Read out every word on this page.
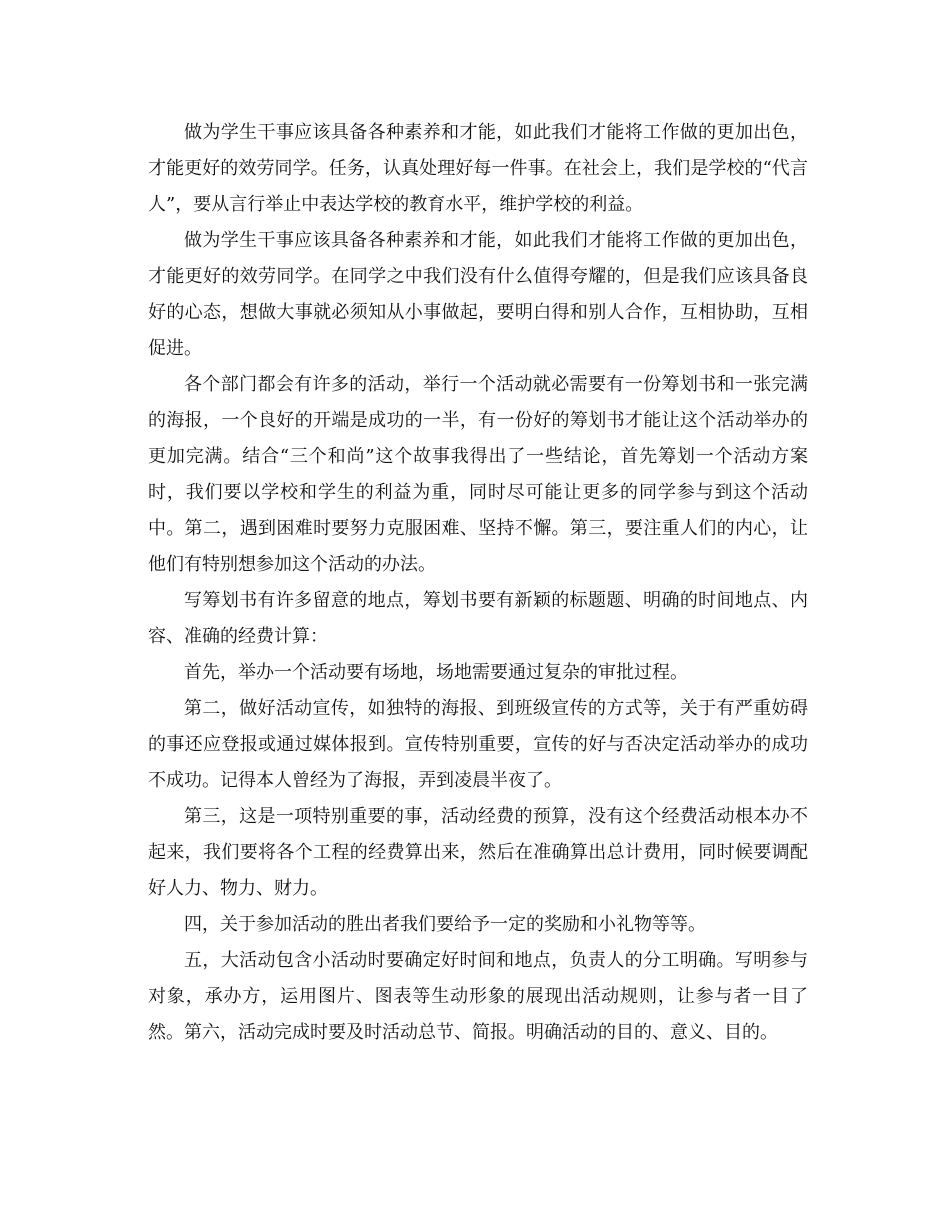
做为学生干事应该具备各种素养和才能，如此我们才能将工作做的更加出色，才能更好的效劳同学。任务，认真处理好每一件事。在社会上，我们是学校的“代言人”，要从言行举止中表达学校的教育水平，维护学校的利益。

做为学生干事应该具备各种素养和才能，如此我们才能将工作做的更加出色，才能更好的效劳同学。在同学之中我们没有什么值得夸耀的，但是我们应该具备良好的心态，想做大事就必须知从小事做起，要明白得和别人合作，互相协助，互相促进。

各个部门都会有许多的活动，举行一个活动就必需要有一份筹划书和一张完满的海报，一个良好的开端是成功的一半，有一份好的筹划书才能让这个活动举办的更加完满。结合“三个和尚”这个故事我得出了一些结论，首先筹划一个活动方案时，我们要以学校和学生的利益为重，同时尽可能让更多的同学参与到这个活动中。第二，遇到困难时要努力克服困难、坚持不懈。第三，要注重人们的内心，让他们有特别想参加这个活动的办法。

写筹划书有许多留意的地点，筹划书要有新颖的标题题、明确的时间地点、内容、准确的经费计算：

首先，举办一个活动要有场地，场地需要通过复杂的审批过程。

第二，做好活动宣传，如独特的海报、到班级宣传的方式等，关于有严重妨碍的事还应登报或通过媒体报到。宣传特别重要，宣传的好与否决定活动举办的成功不成功。记得本人曾经为了海报，弄到凌晨半夜了。

第三，这是一项特别重要的事，活动经费的预算，没有这个经费活动根本办不起来，我们要将各个工程的经费算出来，然后在准确算出总计费用，同时候要调配好人力、物力、财力。

四，关于参加活动的胜出者我们要给予一定的奖励和小礼物等等。

五，大活动包含小活动时要确定好时间和地点，负责人的分工明确。写明参与对象，承办方，运用图片、图表等生动形象的展现出活动规则，让参与者一目了然。第六，活动完成时要及时活动总节、简报。明确活动的目的、意义、目的。
